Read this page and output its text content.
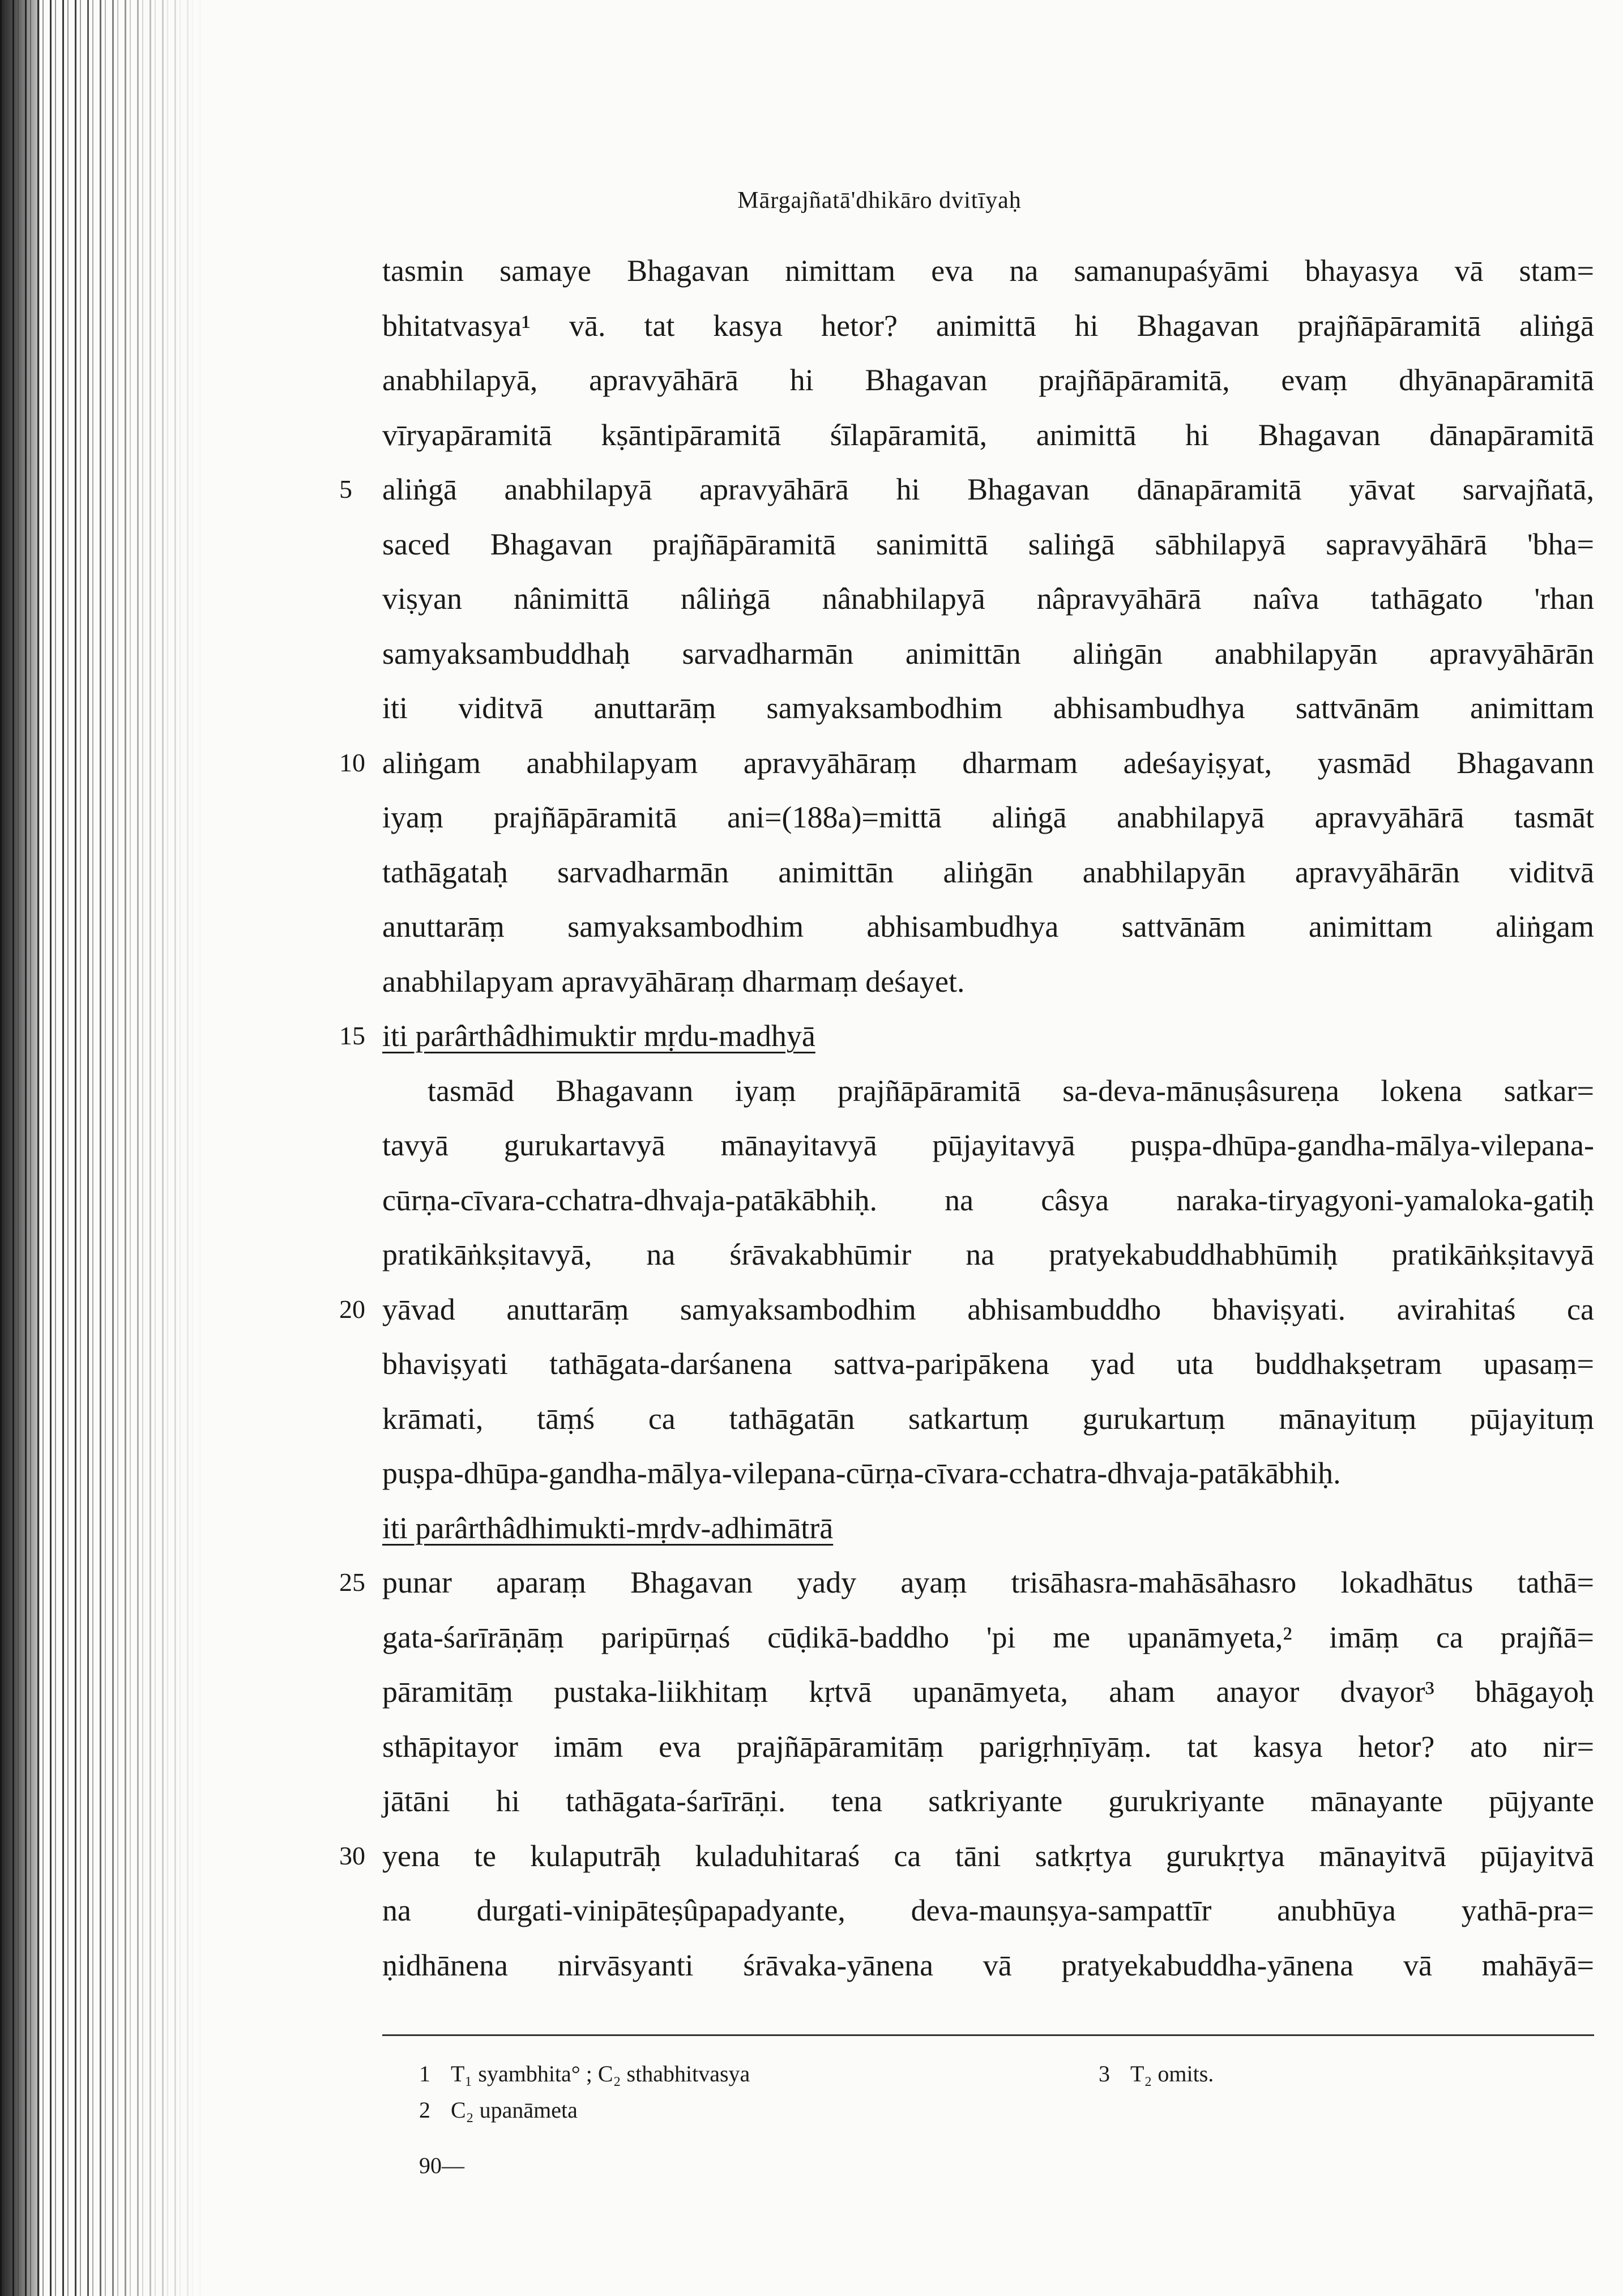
Mārgajñatā'dhikāro dvitīyaḥ
tasmin samaye Bhagavan nimittam eva na samanupaśyāmi bhayasya vā stam=
bhitatvasya¹ vā. tat kasya hetor? animittā hi Bhagavan prajñāpāramitā aliṅgā
anabhilapyā, apravyāhārā hi Bhagavan prajñāpāramitā, evaṃ dhyānapāramitā
vīryapāramitā kṣāntipāramitā śīlapāramitā, animittā hi Bhagavan dānapāramitā
5 aliṅgā anabhilapyā apravyāhārā hi Bhagavan dānapāramitā yāvat sarvajñatā,
saced Bhagavan prajñāpāramitā sanimittā saliṅgā sābhilapyā sapravyāhārā 'bha=
viṣyan nânimittā nâliṅgā nânabhilapyā nâpravyāhārā naîva tathāgato 'rhan
samyaksambuddhaḥ sarvadharmān animittān aliṅgān anabhilapyān apravyāhārān
iti viditvā anuttarāṃ samyaksambodhim abhisambudhya sattvānām animittam
10 aliṅgam anabhilapyam apravyāhāraṃ dharmam adeśayiṣyat, yasmād Bhagavann
iyaṃ prajñāpāramitā ani=(188a)=mittā aliṅgā anabhilapyā apravyāhārā tasmāt
tathāgataḥ sarvadharmān animittān aliṅgān anabhilapyān apravyāhārān viditvā
anuttarāṃ samyaksambodhim abhisambudhya sattvānām animittam aliṅgam
anabhilapyam apravyāhāraṃ dharmaṃ deśayet.
15 iti parârthâdhimuktir mṛdu-madhyā
tasmād Bhagavann iyaṃ prajñāpāramitā sa-deva-mānuṣâsureṇa lokena satkar=
tavyā gurukartavyā mānayitavyā pūjayitavyā puṣpa-dhūpa-gandha-mālya-vilepana-
cūrṇa-cīvara-cchatra-dhvaja-patākābhiḥ. na câsya naraka-tiryagyoni-yamaloka-gatiḥ
pratikāṅkṣitavyā, na śrāvakabhūmir na pratyekabuddhabhūmiḥ pratikāṅkṣitavyā
20 yāvad anuttarāṃ samyaksambodhim abhisambuddho bhaviṣyati. avirahitaś ca
bhaviṣyati tathāgata-darśanena sattva-paripākena yad uta buddhakṣetram upasaṃ=
krāmati, tāṃś ca tathāgatān satkartuṃ gurukartuṃ mānayituṃ pūjayituṃ
puṣpa-dhūpa-gandha-mālya-vilepana-cūrṇa-cīvara-cchatra-dhvaja-patākābhiḥ.
iti parârthâdhimukti-mṛdv-adhimātrā
25 punar aparaṃ Bhagavan yady ayaṃ trisāhasra-mahāsāhasro lokadhātus tathā=
gata-śarīrāṇāṃ paripūrṇaś cūḍikā-baddho 'pi me upanāmyeta,² imāṃ ca prajñā=
pāramitāṃ pustaka-liikhitaṃ kṛtvā upanāmyeta, aham anayor dvayor³ bhāgayoḥ
sthāpitayor imām eva prajñāpāramitāṃ parigṛhṇīyāṃ. tat kasya hetor? ato nir=
jātāni hi tathāgata-śarīrāṇi. tena satkriyante gurukriyante mānayante pūjyante
30 yena te kulaputrāḥ kuladuhitaraś ca tāni satkṛtya gurukṛtya mānayitvā pūjayitvā
na durgati-vinipāteṣûpapadyante, deva-maunṣya-sampattīr anubhūya yathā-pra=
ṇidhānena nirvāsyanti śrāvaka-yānena vā pratyekabuddha-yānena vā mahāyā=
1 T₁ syambhita° ; C₂ sthabhitvasya	3 T₂ omits.
2 C₂ upanāmeta
90—
